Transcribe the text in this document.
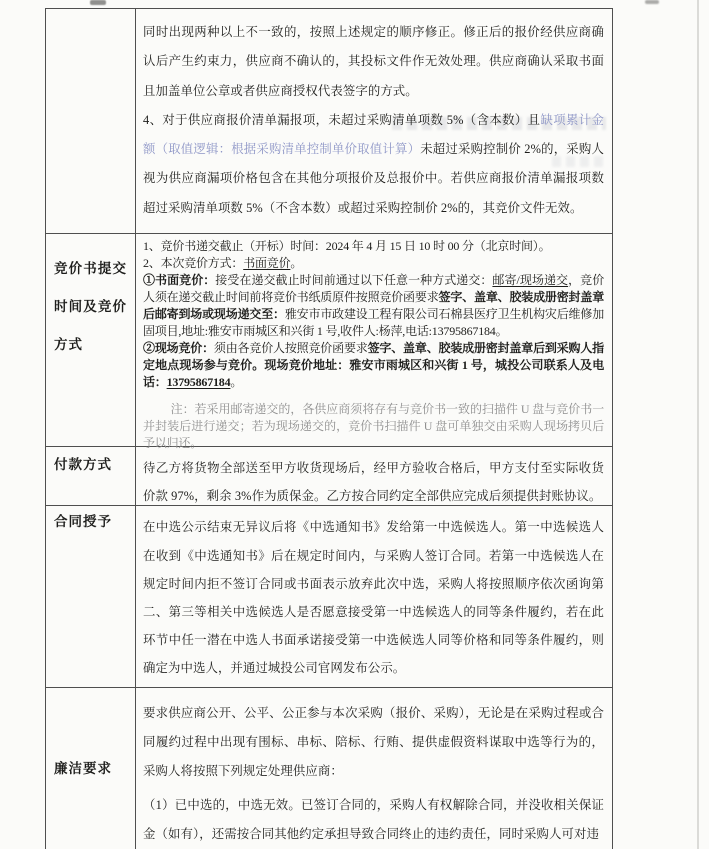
同时出现两种以上不一致的，按照上述规定的顺序修正。修正后的报价经供应商确认后产生约束力，供应商不确认的，其投标文件作无效处理。供应商确认采取书面且加盖单位公章或者供应商授权代表签字的方式。

4、对于供应商报价清单漏报项，未超过采购清单项数 5%（含本数）且缺项累计金额（取值逻辑：根据采购清单控制单价取值计算）未超过采购控制价 2%的，采购人视为供应商漏项价格包含在其他分项报价及总报价中。若供应商报价清单漏报项数超过采购清单项数 5%（不含本数）或超过采购控制价 2%的，其竞价文件无效。

竞价书提交时间及竞价方式

1、竞价书递交截止（开标）时间：2024 年 4 月 15 日 10 时 00 分（北京时间）。

2、本次竞价方式：书面竞价。

①书面竞价：接受在递交截止时间前通过以下任意一种方式递交：邮寄/现场递交，竞价人须在递交截止时间前将竞价书纸质原件按照竞价函要求签字、盖章、胶装成册密封盖章后邮寄到场或现场递交至：雅安市市政建设工程有限公司石棉县医疗卫生机构灾后维修加固项目,地址:雅安市雨城区和兴街 1 号,收件人:杨萍,电话:13795867184。

②现场竞价：须由各竞价人按照竞价函要求签字、盖章、胶装成册密封盖章后到采购人指定地点现场参与竞价。现场竞价地址：雅安市雨城区和兴街 1 号，城投公司联系人及电话：13795867184。

注：若采用邮寄递交的，各供应商须将存有与竞价书一致的扫描件 U 盘与竞价书一并封装后进行递交；若为现场递交的，竞价书扫描件 U 盘可单独交由采购人现场拷贝后予以归还。

付款方式	待乙方将货物全部送至甲方收货现场后，经甲方验收合格后，甲方支付至实际收货价款 97%，剩余 3%作为质保金。乙方按合同约定全部供应完成后须提供封账协议。

合同授予	在中选公示结束无异议后将《中选通知书》发给第一中选候选人。第一中选候选人在收到《中选通知书》后在规定时间内，与采购人签订合同。若第一中选候选人在规定时间内拒不签订合同或书面表示放弃此次中选，采购人将按照顺序依次函询第二、第三等相关中选候选人是否愿意接受第一中选候选人的同等条件履约，若在此环节中任一潜在中选人书面承诺接受第一中选候选人同等价格和同等条件履约，则确定为中选人，并通过城投公司官网发布公示。

廉洁要求

要求供应商公开、公平、公正参与本次采购（报价、采购），无论是在采购过程或合同履约过程中出现有围标、串标、陪标、行贿、提供虚假资料谋取中选等行为的，采购人将按照下列规定处理供应商：

（1）已中选的，中选无效。已签订合同的，采购人有权解除合同，并没收相关保证金（如有），还需按合同其他约定承担导致合同终止的违约责任，同时采购人可对违
